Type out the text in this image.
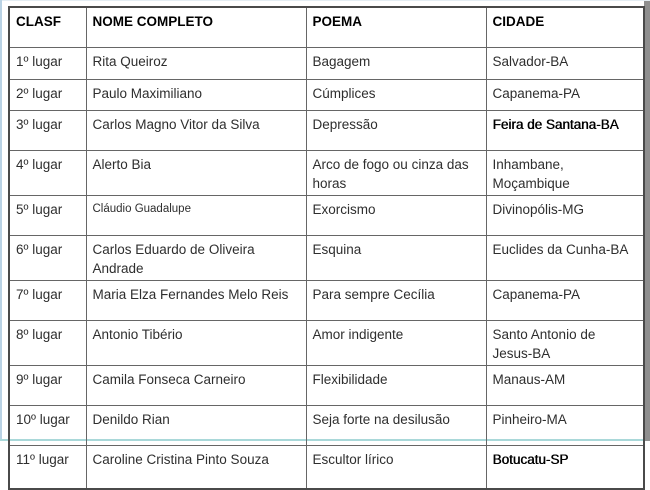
CLASF	NOME COMPLETO	POEMA	CIDADE
1º lugar	Rita Queiroz	Bagagem	Salvador-BA
2º lugar	Paulo Maximiliano	Cúmplices	Capanema-PA
3º lugar	Carlos Magno Vitor da Silva	Depressão	Feira de Santana-BA
4º lugar	Alerto Bia	Arco de fogo ou cinza das horas	Inhambane, Moçambique
5º lugar	Cláudio Guadalupe	Exorcismo	Divinopólis-MG
6º lugar	Carlos Eduardo de Oliveira Andrade	Esquina	Euclides da Cunha-BA
7º lugar	Maria Elza Fernandes Melo Reis	Para sempre Cecília	Capanema-PA
8º lugar	Antonio Tibério	Amor indigente	Santo Antonio de Jesus-BA
9º lugar	Camila Fonseca Carneiro	Flexibilidade	Manaus-AM
10º lugar	Denildo Rian	Seja forte na desilusão	Pinheiro-MA
11º lugar	Caroline Cristina Pinto Souza	Escultor lírico	Botucatu-SP
